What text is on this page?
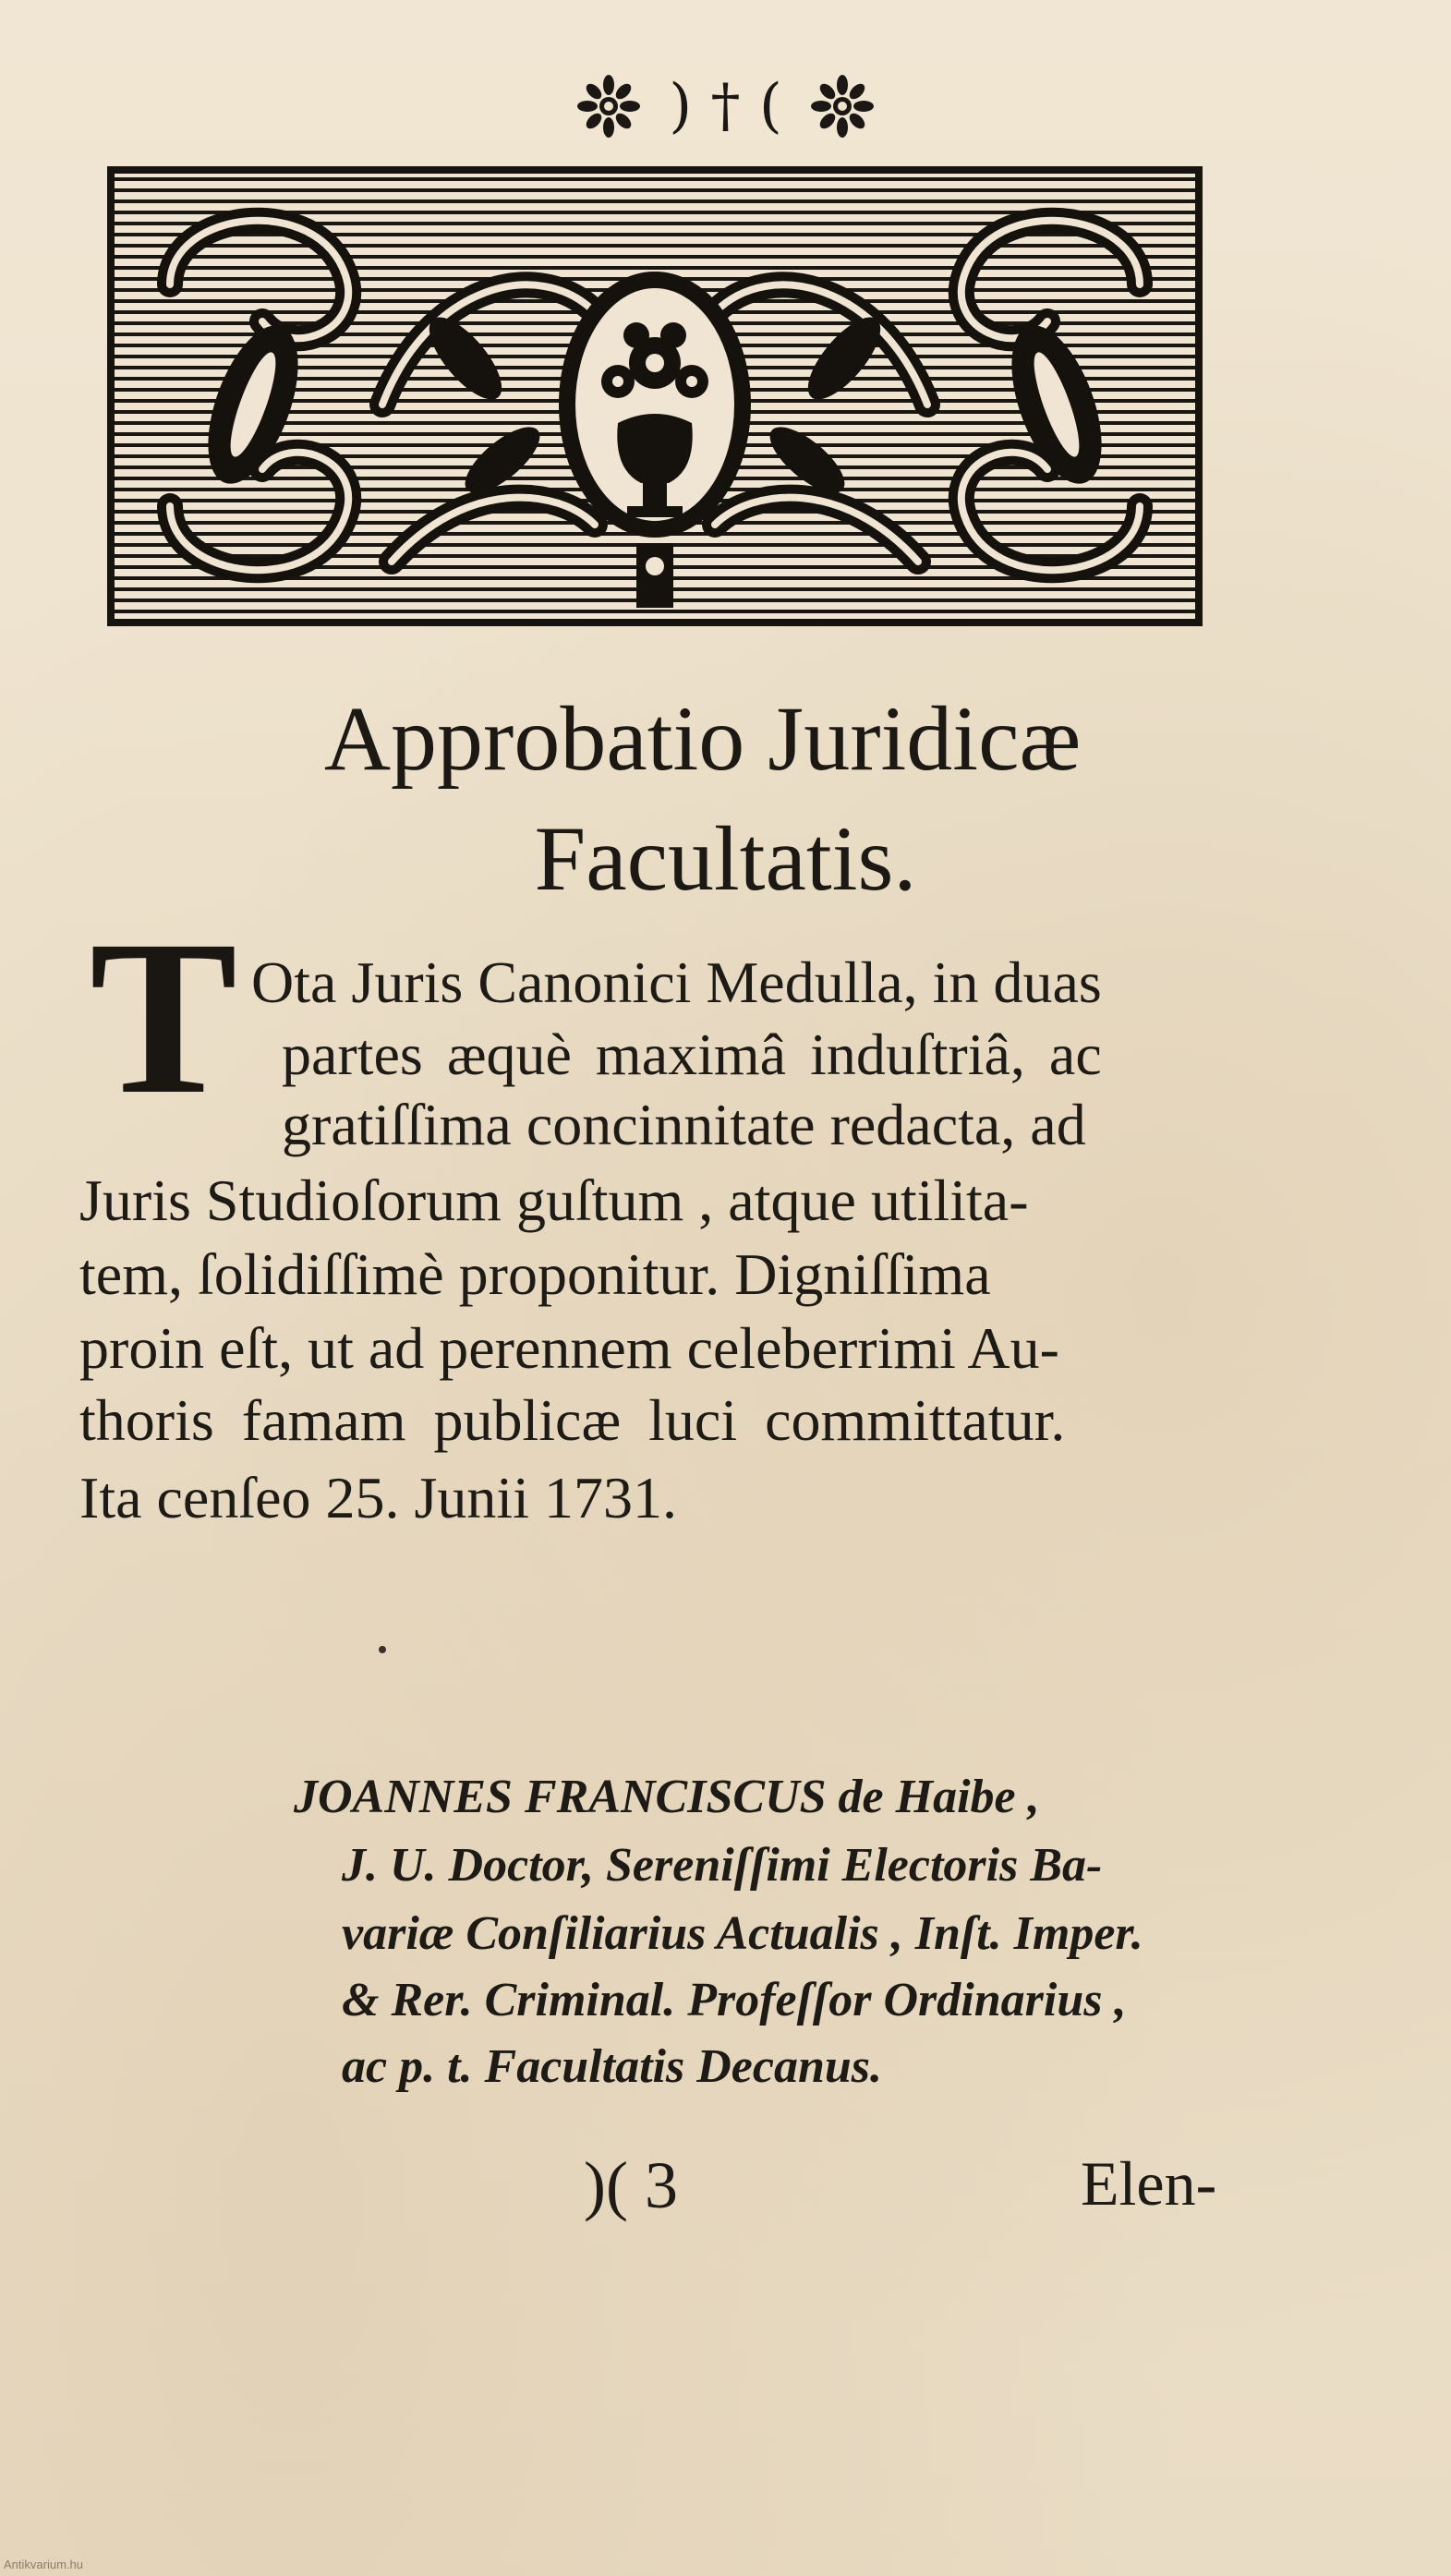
) † (
Approbatio Juridicæ
Facultatis.
T Ota Juris Canonici Medulla, in duas
partes æquè maximâ induſtriâ, ac
gratiſſima concinnitate redacta, ad
Juris Studioſorum guſtum , atque utilita-
tem, ſolidiſſimè proponitur. Digniſſima
proin eſt, ut ad perennem celeberrimi Au-
thoris famam publicæ luci committatur.
Ita cenſeo 25. Junii 1731.
JOANNES FRANCISCUS de Haibe ,
J. U. Doctor, Sereniſſimi Electoris Ba-
variæ Conſiliarius Actualis , Inſt. Imper.
& Rer. Criminal. Profeſſor Ordinarius ,
ac p. t. Facultatis Decanus.
)( 3	Elen-
Antikvarium.hu
